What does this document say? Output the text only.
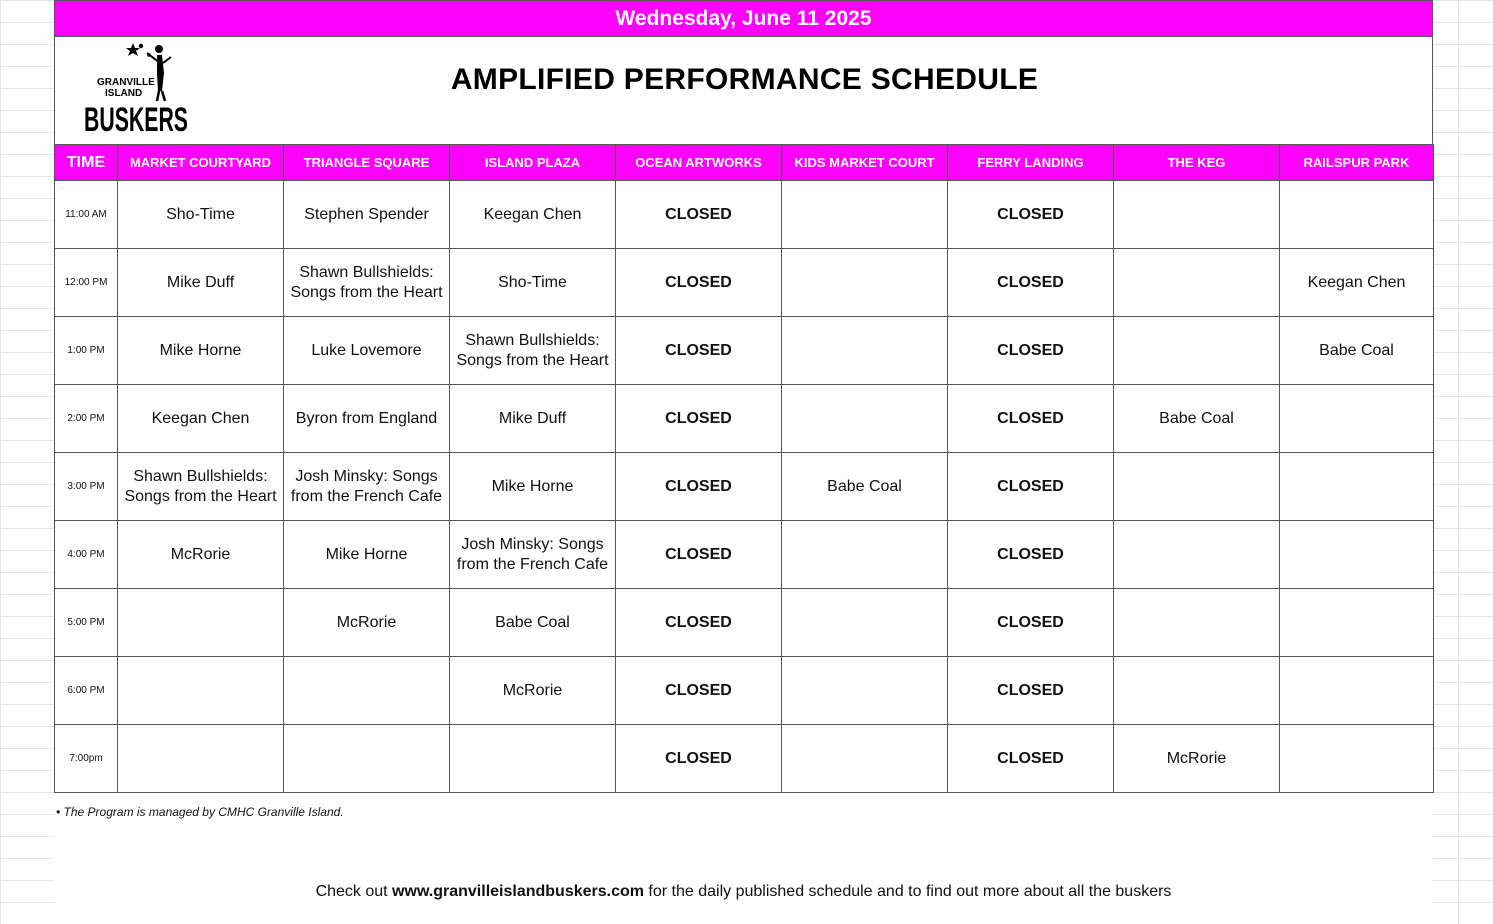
Wednesday, June 11 2025
GRANVILLE
ISLAND
BUSKERS
AMPLIFIED PERFORMANCE SCHEDULE
TIME	MARKET COURTYARD	TRIANGLE SQUARE	ISLAND PLAZA	OCEAN ARTWORKS	KIDS MARKET COURT	FERRY LANDING	THE KEG	RAILSPUR PARK
11:00 AM	Sho-Time	Stephen Spender	Keegan Chen	CLOSED		CLOSED		
12:00 PM	Mike Duff	Shawn Bullshields: Songs from the Heart	Sho-Time	CLOSED		CLOSED		Keegan Chen
1:00 PM	Mike Horne	Luke Lovemore	Shawn Bullshields: Songs from the Heart	CLOSED		CLOSED		Babe Coal
2:00 PM	Keegan Chen	Byron from England	Mike Duff	CLOSED		CLOSED	Babe Coal	
3:00 PM	Shawn Bullshields: Songs from the Heart	Josh Minsky: Songs from the French Cafe	Mike Horne	CLOSED	Babe Coal	CLOSED		
4:00 PM	McRorie	Mike Horne	Josh Minsky: Songs from the French Cafe	CLOSED		CLOSED		
5:00 PM		McRorie	Babe Coal	CLOSED		CLOSED		
6:00 PM			McRorie	CLOSED		CLOSED		
7:00pm				CLOSED		CLOSED	McRorie	
• The Program is managed by CMHC Granville Island.
Check out www.granvilleislandbuskers.com for the daily published schedule and to find out more about all the buskers
